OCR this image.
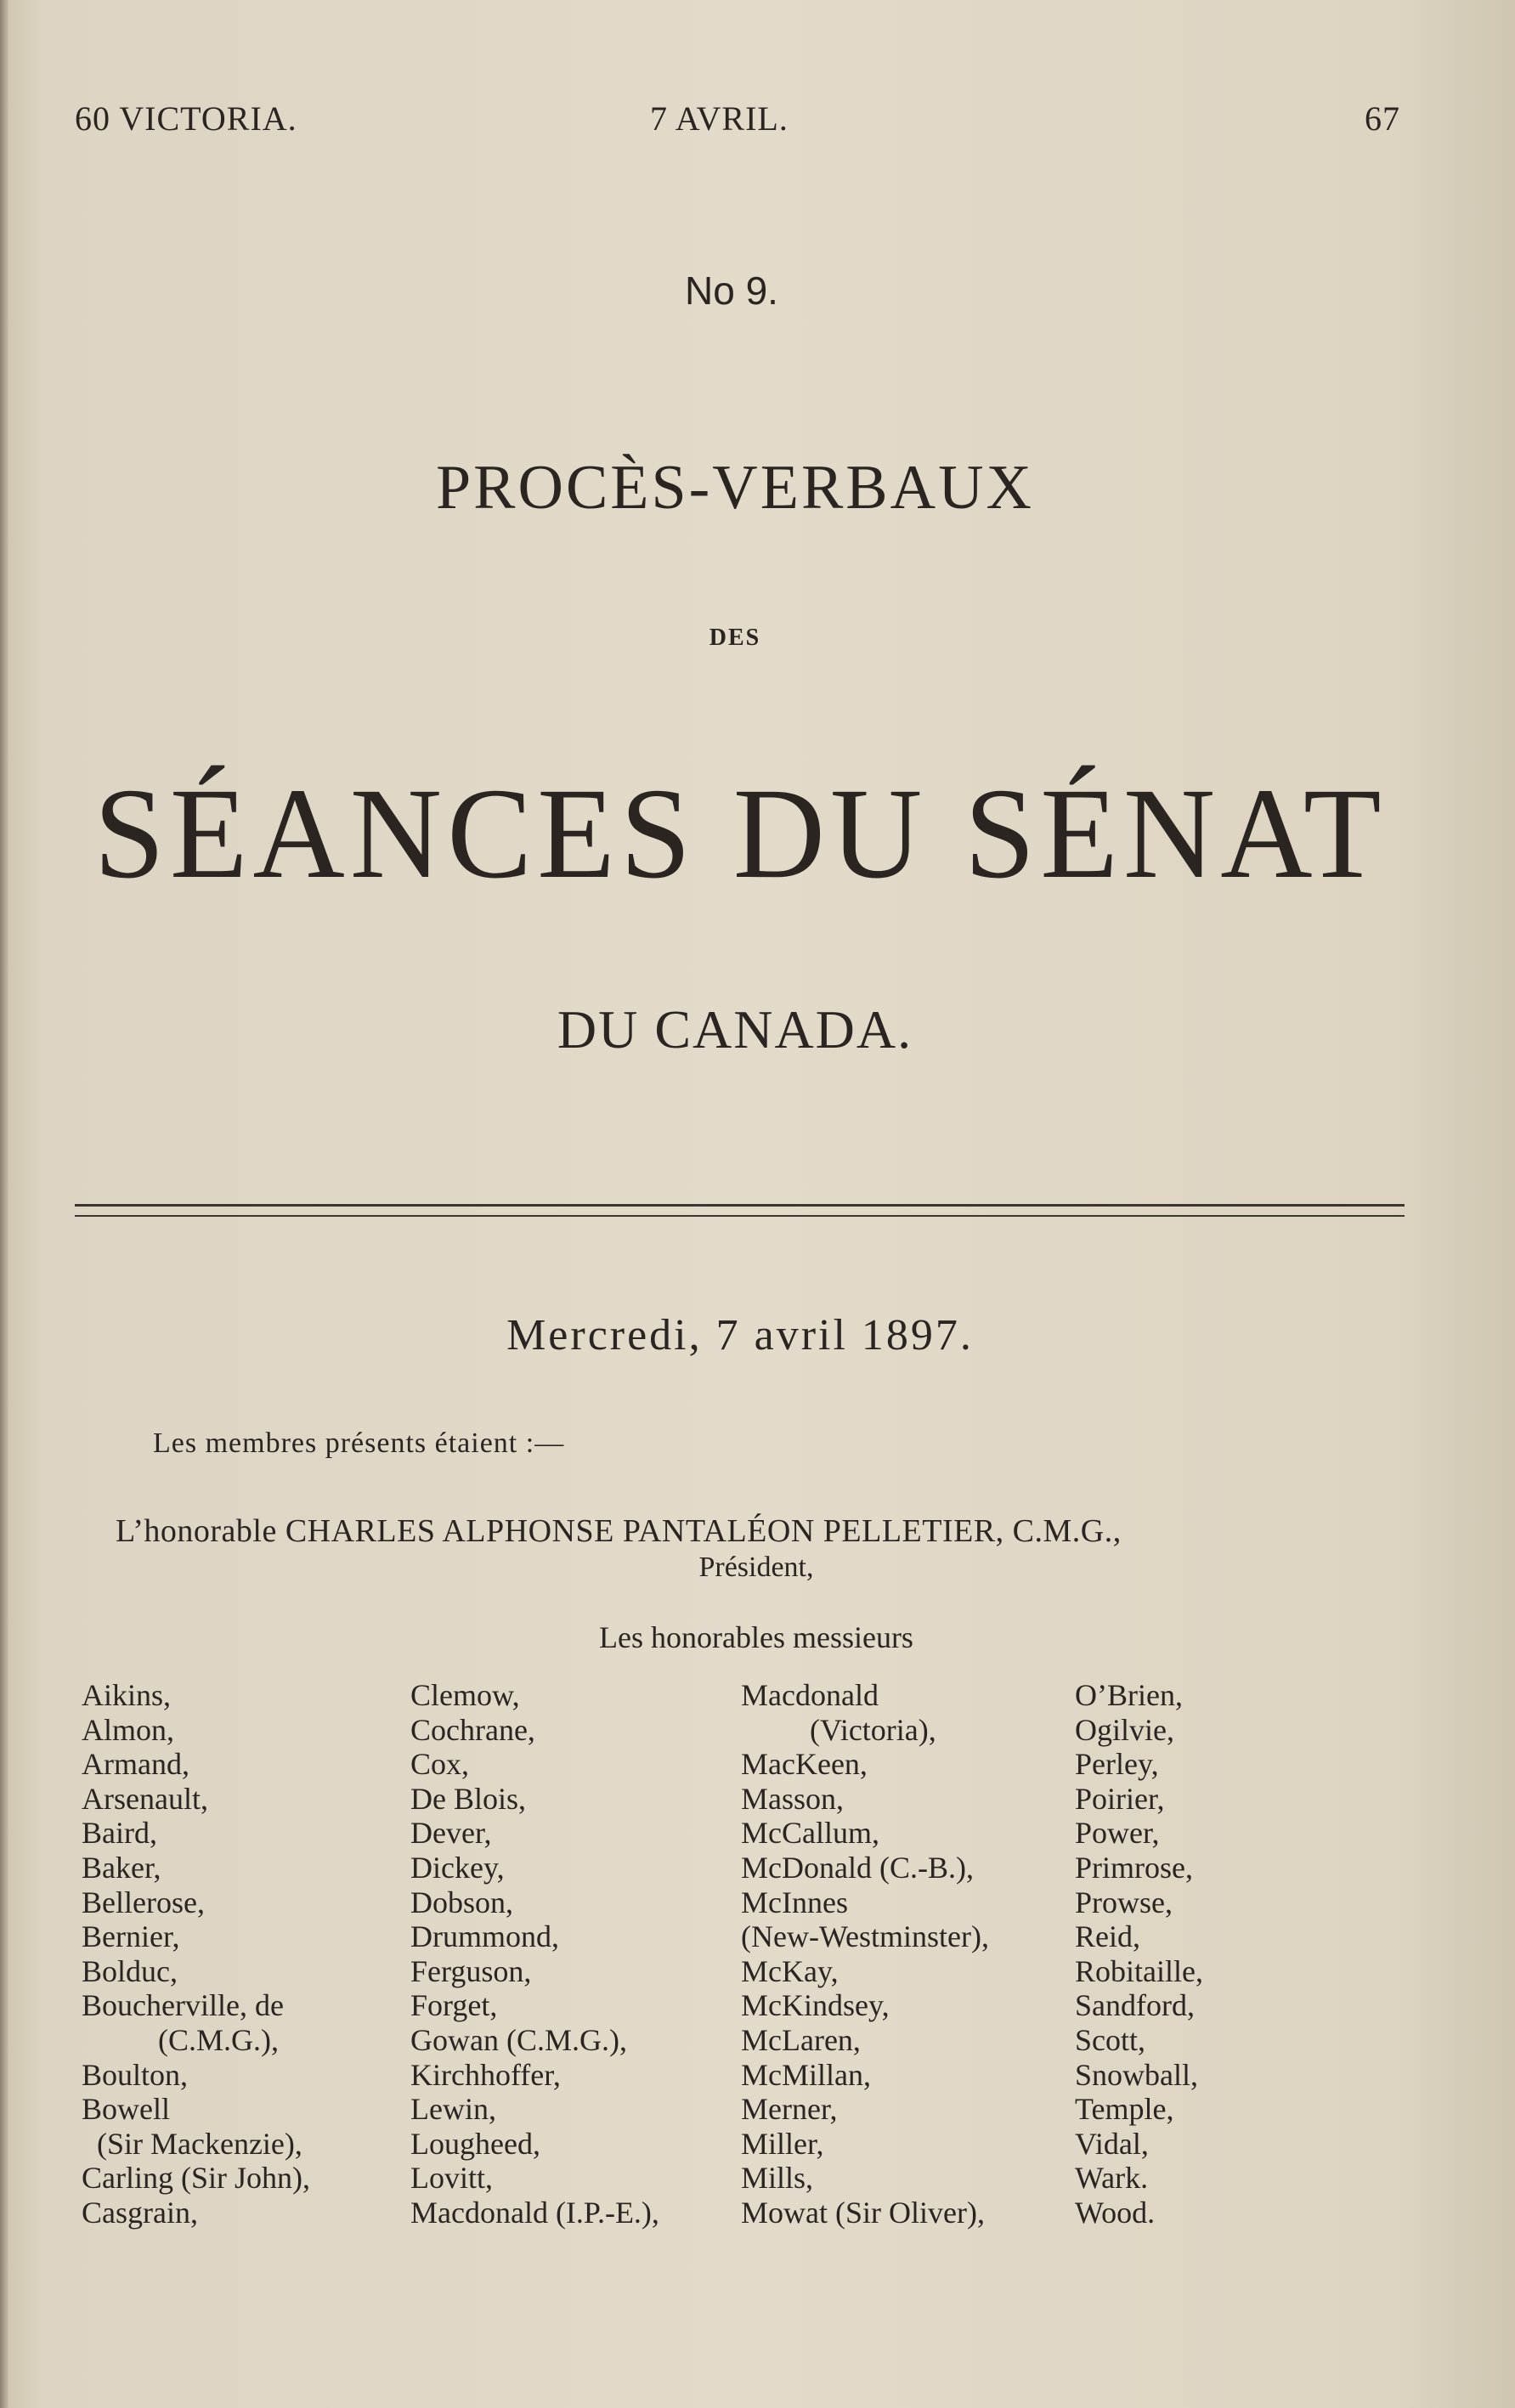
60 VICTORIA.	7 AVRIL.	67
No 9.
PROCÈS-VERBAUX
DES
SÉANCES DU SÉNAT
DU CANADA.
Mercredi, 7 avril 1897.
Les membres présents étaient :—
L’honorable CHARLES ALPHONSE PANTALÉON PELLETIER, C.M.G.,
Président,
Les honorables messieurs
Aikins,
Almon,
Armand,
Arsenault,
Baird,
Baker,
Bellerose,
Bernier,
Bolduc,
Boucherville, de
(C.M.G.),
Boulton,
Bowell
(Sir Mackenzie),
Carling (Sir John),
Casgrain,
Clemow,
Cochrane,
Cox,
De Blois,
Dever,
Dickey,
Dobson,
Drummond,
Ferguson,
Forget,
Gowan (C.M.G.),
Kirchhoffer,
Lewin,
Lougheed,
Lovitt,
Macdonald (I.P.-E.),
Macdonald
(Victoria),
MacKeen,
Masson,
McCallum,
McDonald (C.-B.),
McInnes
(New-Westminster),
McKay,
McKindsey,
McLaren,
McMillan,
Merner,
Miller,
Mills,
Mowat (Sir Oliver),
O’Brien,
Ogilvie,
Perley,
Poirier,
Power,
Primrose,
Prowse,
Reid,
Robitaille,
Sandford,
Scott,
Snowball,
Temple,
Vidal,
Wark.
Wood.
